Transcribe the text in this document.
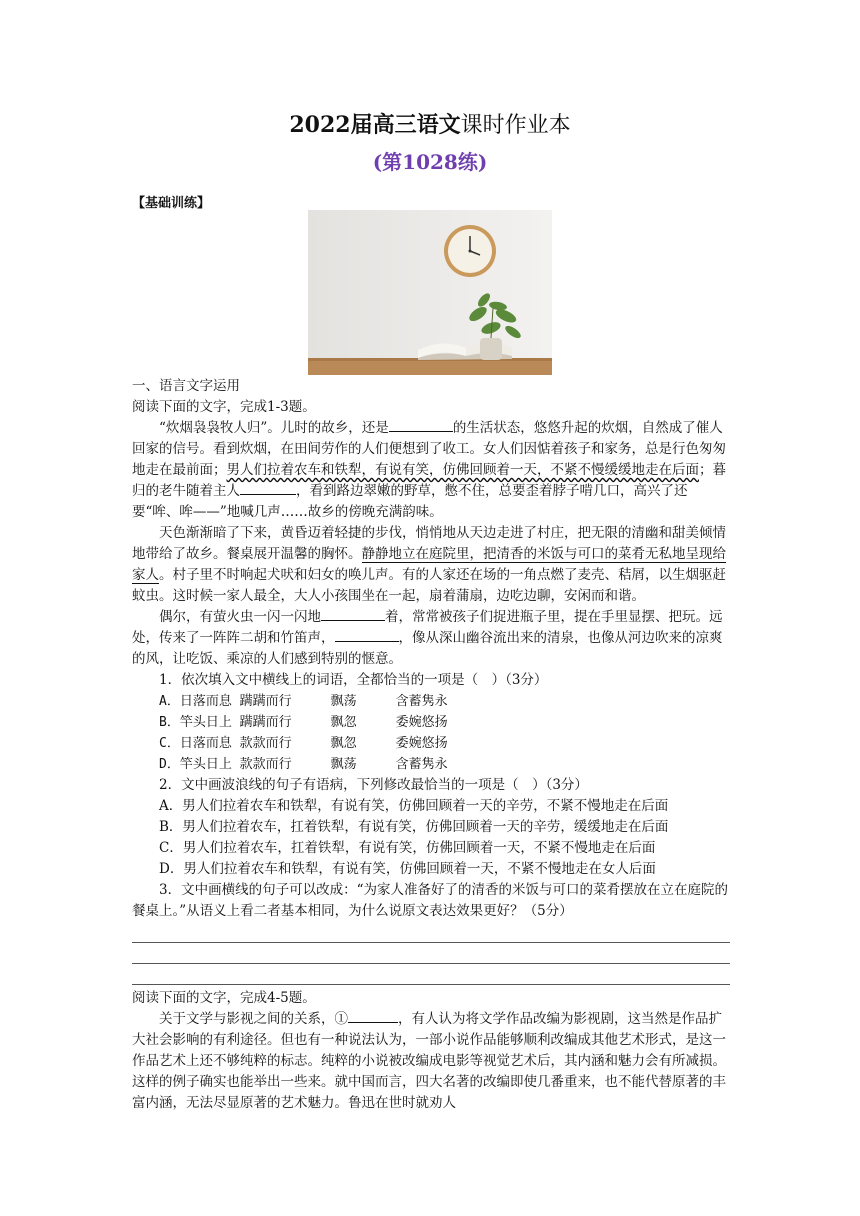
2022届高三语文课时作业本
(第1028练)
【基础训练】

一、语言文字运用

阅读下面的文字，完成1-3题。

“炊烟袅袅牧人归”。儿时的故乡，还是	的生活状态，悠悠升起的炊烟，自然成了催人回家的信号。看到炊烟，在田间劳作的人们便想到了收工。女人们因惦着孩子和家务，总是行色匆匆地走在最前面；男人们拉着农车和铁犁，有说有笑，仿佛回顾着一天，不紧不慢缓缓地走在后面；暮归的老牛随着主人	，看到路边翠嫩的野草，憋不住，总要歪着脖子啃几口，高兴了还要“哞、哞——”地喊几声……故乡的傍晚充满韵味。

天色渐渐暗了下来，黄昏迈着轻捷的步伐，悄悄地从天边走进了村庄，把无限的清幽和甜美倾情地带给了故乡。餐桌展开温馨的胸怀。静静地立在庭院里，把清香的米饭与可口的菜肴无私地呈现给家人。村子里不时响起犬吠和妇女的唤儿声。有的人家还在场的一角点燃了麦壳、秸屑，以生烟驱赶蚊虫。这时候一家人最全，大人小孩围坐在一起，扇着蒲扇，边吃边聊，安闲而和谐。

偶尔，有萤火虫一闪一闪地	着，常常被孩子们捉进瓶子里，提在手里显摆、把玩。远处，传来了一阵阵二胡和竹笛声，	，像从深山幽谷流出来的清泉，也像从河边吹来的凉爽的风，让吃饭、乘凉的人们感到特别的惬意。

1．依次填入文中横线上的词语，全都恰当的一项是（　）（3分）

A．日落而息 蹒蹒而行　　　飘荡　　　含蓄隽永

B．竿头日上 蹒蹒而行　　　飘忽　　　委婉悠扬

C．日落而息 款款而行　　　飘忽　　　委婉悠扬

D．竿头日上 款款而行　　　飘荡　　　含蓄隽永

2．文中画波浪线的句子有语病，下列修改最恰当的一项是（　）（3分）

A．男人们拉着农车和铁犁，有说有笑，仿佛回顾着一天的辛劳，不紧不慢地走在后面

B．男人们拉着农车，扛着铁犁，有说有笑，仿佛回顾着一天的辛劳，缓缓地走在后面

C．男人们拉着农车，扛着铁犁，有说有笑，仿佛回顾着一天，不紧不慢地走在后面

D．男人们拉着农车和铁犁，有说有笑，仿佛回顾着一天，不紧不慢地走在女人后面

3．文中画横线的句子可以改成：“为家人准备好了的清香的米饭与可口的菜肴摆放在立在庭院的餐桌上。”从语义上看二者基本相同，为什么说原文表达效果更好？（5分）

阅读下面的文字，完成4-5题。

关于文学与影视之间的关系，①	，有人认为将文学作品改编为影视剧，这当然是作品扩大社会影响的有利途径。但也有一种说法认为，一部小说作品能够顺利改编成其他艺术形式，是这一作品艺术上还不够纯粹的标志。纯粹的小说被改编成电影等视觉艺术后，其内涵和魅力会有所减损。这样的例子确实也能举出一些来。就中国而言，四大名著的改编即使几番重来，也不能代替原著的丰富内涵，无法尽显原著的艺术魅力。鲁迅在世时就劝人
